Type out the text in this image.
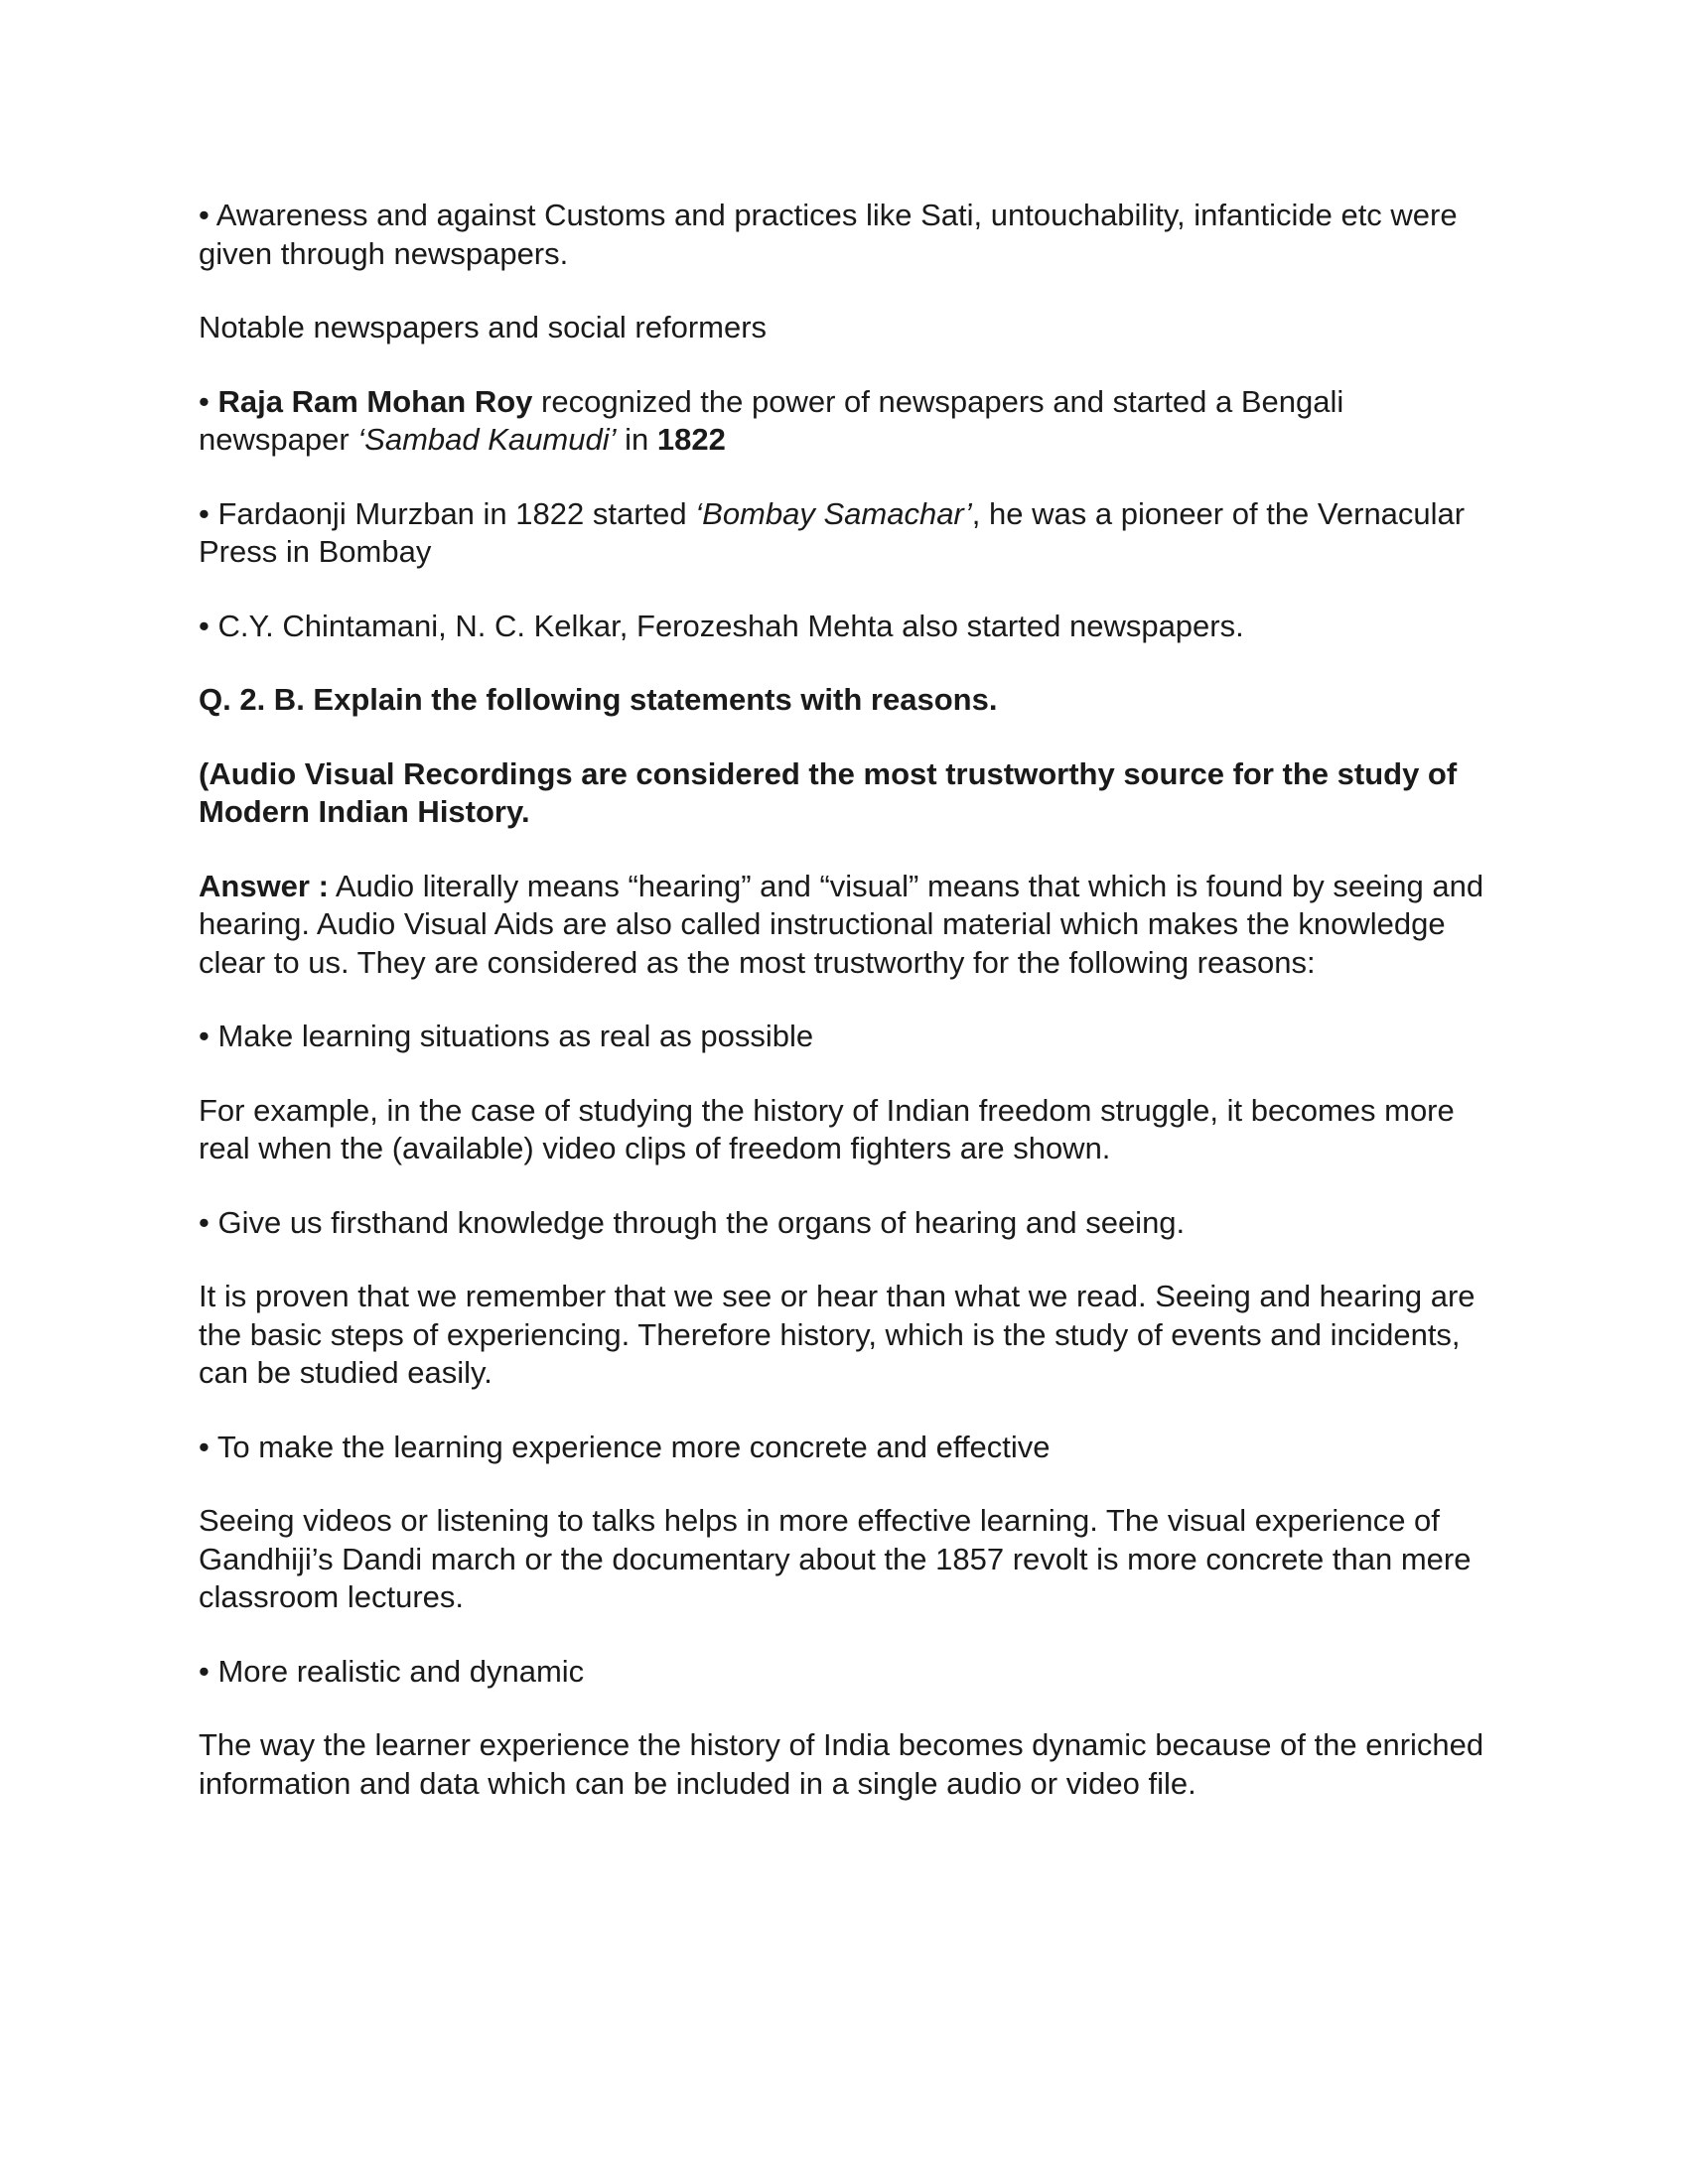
• Awareness and against Customs and practices like Sati, untouchability, infanticide etc were given through newspapers.

Notable newspapers and social reformers

• Raja Ram Mohan Roy recognized the power of newspapers and started a Bengali newspaper ‘Sambad Kaumudi’ in 1822

• Fardaonji Murzban in 1822 started ‘Bombay Samachar’, he was a pioneer of the Vernacular Press in Bombay

• C.Y. Chintamani, N. C. Kelkar, Ferozeshah Mehta also started newspapers.

Q. 2. B. Explain the following statements with reasons.

(Audio Visual Recordings are considered the most trustworthy source for the study of Modern Indian History.

Answer : Audio literally means “hearing” and “visual” means that which is found by seeing and hearing. Audio Visual Aids are also called instructional material which makes the knowledge clear to us. They are considered as the most trustworthy for the following reasons:

• Make learning situations as real as possible

For example, in the case of studying the history of Indian freedom struggle, it becomes more real when the (available) video clips of freedom fighters are shown.

• Give us firsthand knowledge through the organs of hearing and seeing.

It is proven that we remember that we see or hear than what we read. Seeing and hearing are the basic steps of experiencing. Therefore history, which is the study of events and incidents, can be studied easily.

• To make the learning experience more concrete and effective

Seeing videos or listening to talks helps in more effective learning. The visual experience of Gandhiji’s Dandi march or the documentary about the 1857 revolt is more concrete than mere classroom lectures.

• More realistic and dynamic

The way the learner experience the history of India becomes dynamic because of the enriched information and data which can be included in a single audio or video file.
